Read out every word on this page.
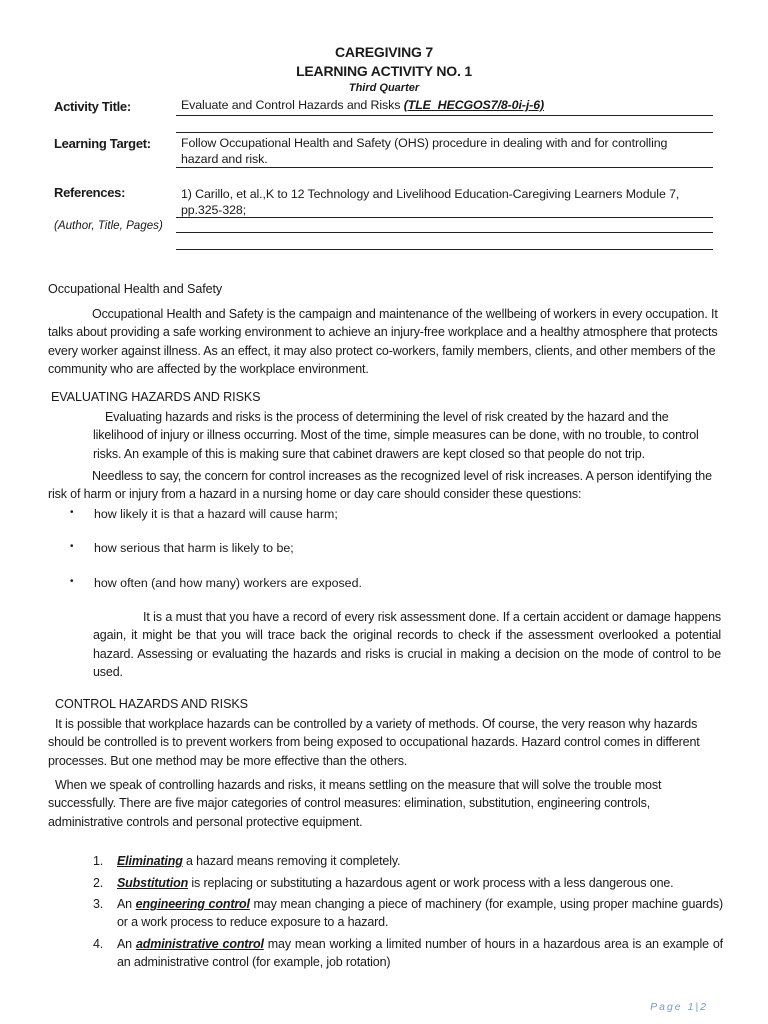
CAREGIVING 7
LEARNING ACTIVITY NO. 1
Third Quarter
Activity Title:	Evaluate and Control Hazards and Risks (TLE_HECGOS7/8-0i-j-6)
Learning Target: Follow Occupational Health and Safety (OHS) procedure in dealing with and for controlling
hazard and risk.
References:	1) Carillo, et al.,K to 12 Technology and Livelihood Education-Caregiving Learners Module 7,
pp.325-328;
(Author, Title, Pages)
Occupational Health and Safety

Occupational Health and Safety is the campaign and maintenance of the wellbeing of workers in every occupation. It talks about providing a safe working environment to achieve an injury-free workplace and a healthy atmosphere that protects every worker against illness. As an effect, it may also protect co-workers, family members, clients, and other members of the community who are affected by the workplace environment.

EVALUATING HAZARDS AND RISKS

Evaluating hazards and risks is the process of determining the level of risk created by the hazard and the likelihood of injury or illness occurring. Most of the time, simple measures can be done, with no trouble, to control risks. An example of this is making sure that cabinet drawers are kept closed so that people do not trip.

Needless to say, the concern for control increases as the recognized level of risk increases. A person identifying the risk of harm or injury from a hazard in a nursing home or day care should consider these questions:

• how likely it is that a hazard will cause harm;
• how serious that harm is likely to be;
• how often (and how many) workers are exposed.

It is a must that you have a record of every risk assessment done. If a certain accident or damage happens again, it might be that you will trace back the original records to check if the assessment overlooked a potential hazard. Assessing or evaluating the hazards and risks is crucial in making a decision on the mode of control to be used.

CONTROL HAZARDS AND RISKS

It is possible that workplace hazards can be controlled by a variety of methods. Of course, the very reason why hazards should be controlled is to prevent workers from being exposed to occupational hazards. Hazard control comes in different processes. But one method may be more effective than the others.

When we speak of controlling hazards and risks, it means settling on the measure that will solve the trouble most successfully. There are five major categories of control measures: elimination, substitution, engineering controls, administrative controls and personal protective equipment.

1. Eliminating a hazard means removing it completely.
2. Substitution is replacing or substituting a hazardous agent or work process with a less dangerous one.
3. An engineering control may mean changing a piece of machinery (for example, using proper machine guards) or a work process to reduce exposure to a hazard.
4. An administrative control may mean working a limited number of hours in a hazardous area is an example of an administrative control (for example, job rotation)
Page 1|2
